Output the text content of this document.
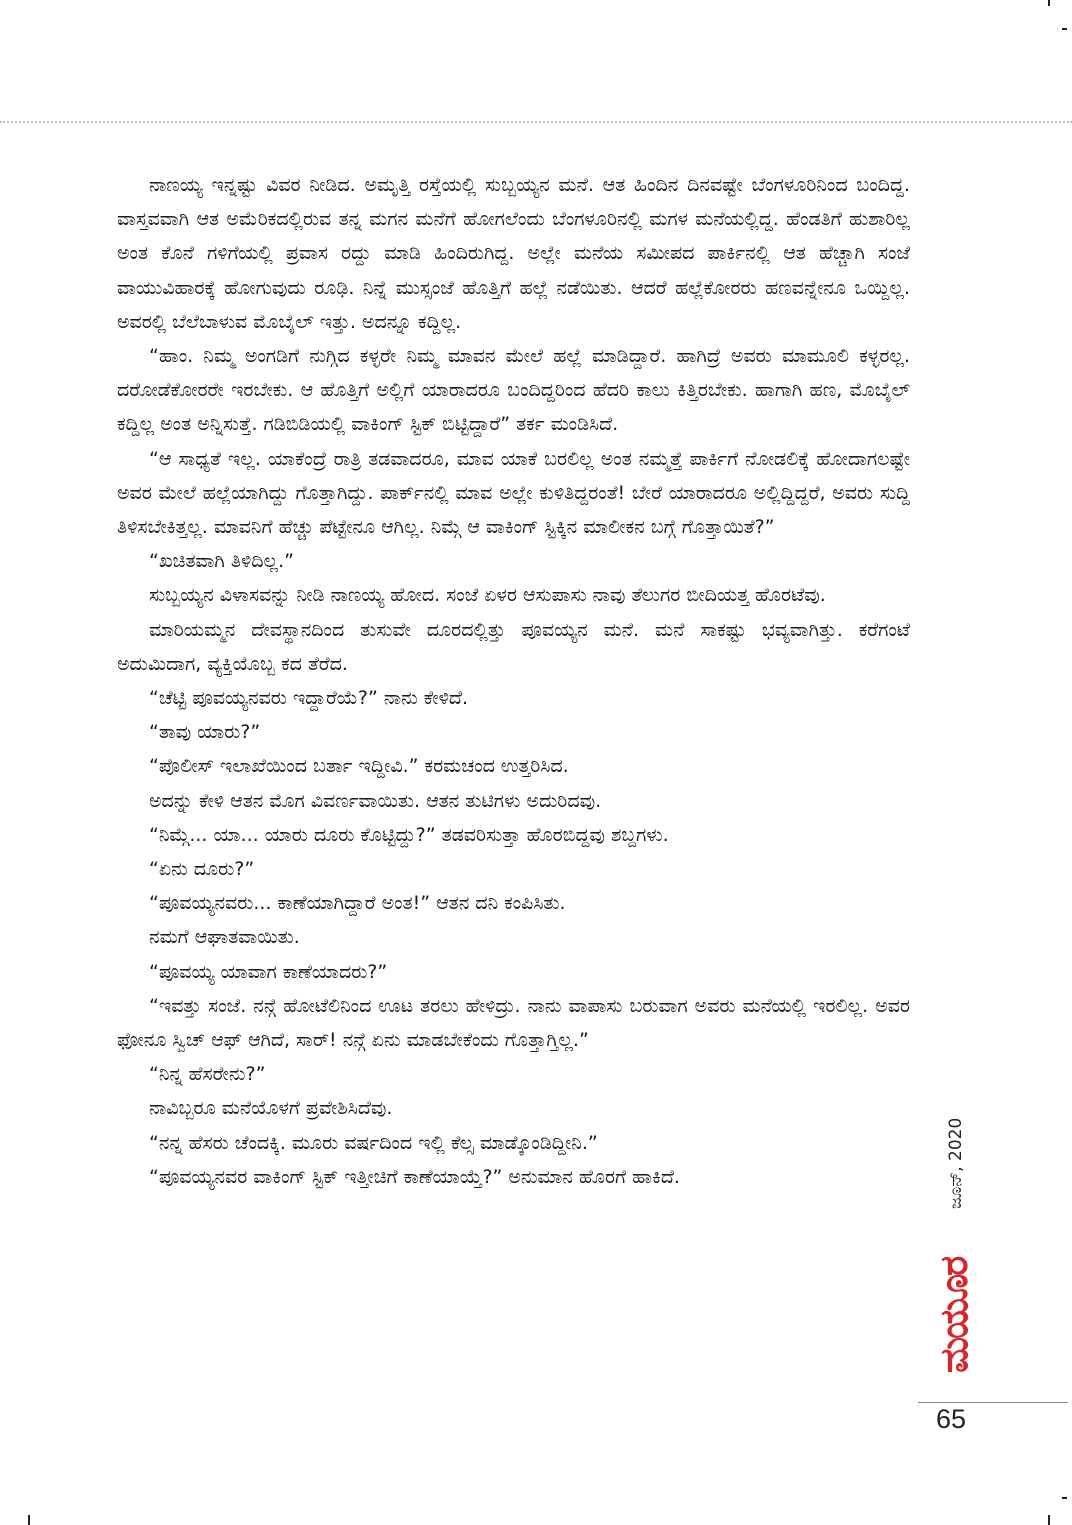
ನಾಣಯ್ಯ ಇನ್ನಷ್ಟು ವಿವರ ನೀಡಿದ. ಅಮೃತ್ತಿ ರಸ್ತೆಯಲ್ಲಿ ಸುಬ್ಬಯ್ಯನ ಮನೆ. ಆತ ಹಿಂದಿನ ದಿನವಷ್ಟೇ ಬೆಂಗಳೂರಿನಿಂದ ಬಂದಿದ್ದ. ವಾಸ್ತವವಾಗಿ ಆತ ಅಮೆರಿಕದಲ್ಲಿರುವ ತನ್ನ ಮಗನ ಮನೆಗೆ ಹೋಗಲೆಂದು ಬೆಂಗಳೂರಿನಲ್ಲಿ ಮಗಳ ಮನೆಯಲ್ಲಿದ್ದ. ಹೆಂಡತಿಗೆ ಹುಶಾರಿಲ್ಲ ಅಂತ ಕೊನೆ ಗಳಿಗೆಯಲ್ಲಿ ಪ್ರವಾಸ ರದ್ದು ಮಾಡಿ ಹಿಂದಿರುಗಿದ್ದ. ಅಲ್ಲೇ ಮನೆಯ ಸಮೀಪದ ಪಾರ್ಕಿನಲ್ಲಿ ಆತ ಹೆಚ್ಚಾಗಿ ಸಂಜೆ ವಾಯುವಿಹಾರಕ್ಕೆ ಹೋಗುವುದು ರೂಢಿ. ನಿನ್ನೆ ಮುಸ್ಸಂಜೆ ಹೊತ್ತಿಗೆ ಹಲ್ಲೆ ನಡೆಯಿತು. ಆದರೆ ಹಲ್ಲೆಕೋರರು ಹಣವನ್ನೇನೂ ಒಯ್ದಿಲ್ಲ. ಅವರಲ್ಲಿ ಬೆಲೆಬಾಳುವ ಮೊಬೈಲ್ ಇತ್ತು. ಅದನ್ನೂ ಕದ್ದಿಲ್ಲ.

“ಹಾಂ. ನಿಮ್ಮ ಅಂಗಡಿಗೆ ನುಗ್ಗಿದ ಕಳ್ಳರೇ ನಿಮ್ಮ ಮಾವನ ಮೇಲೆ ಹಲ್ಲೆ ಮಾಡಿದ್ದಾರೆ. ಹಾಗಿದ್ರೆ ಅವರು ಮಾಮೂಲಿ ಕಳ್ಳರಲ್ಲ. ದರೋಡೆಕೋರರೇ ಇರಬೇಕು. ಆ ಹೊತ್ತಿಗೆ ಅಲ್ಲಿಗೆ ಯಾರಾದರೂ ಬಂದಿದ್ದರಿಂದ ಹೆದರಿ ಕಾಲು ಕಿತ್ತಿರಬೇಕು. ಹಾಗಾಗಿ ಹಣ, ಮೊಬೈಲ್ ಕದ್ದಿಲ್ಲ ಅಂತ ಅನ್ನಿಸುತ್ತೆ. ಗಡಿಬಿಡಿಯಲ್ಲಿ ವಾಕಿಂಗ್ ಸ್ಟಿಕ್ ಬಿಟ್ಟಿದ್ದಾರೆ” ತರ್ಕ ಮಂಡಿಸಿದೆ.

“ಆ ಸಾಧ್ಯತೆ ಇಲ್ಲ. ಯಾಕೆಂದ್ರೆ ರಾತ್ರಿ ತಡವಾದರೂ, ಮಾವ ಯಾಕೆ ಬರಲಿಲ್ಲ ಅಂತ ನಮ್ಮತ್ತೆ ಪಾರ್ಕಿಗೆ ನೋಡಲಿಕ್ಕೆ ಹೋದಾಗಲಷ್ಟೇ ಅವರ ಮೇಲೆ ಹಲ್ಲೆಯಾಗಿದ್ದು ಗೊತ್ತಾಗಿದ್ದು. ಪಾರ್ಕ್‌ನಲ್ಲಿ ಮಾವ ಅಲ್ಲೇ ಕುಳಿತಿದ್ದರಂತೆ! ಬೇರೆ ಯಾರಾದರೂ ಅಲ್ಲಿದ್ದಿದ್ದರೆ, ಅವರು ಸುದ್ದಿ ತಿಳಿಸಬೇಕಿತ್ತಲ್ಲ. ಮಾವನಿಗೆ ಹೆಚ್ಚು ಪೆಟ್ಟೇನೂ ಆಗಿಲ್ಲ. ನಿಮ್ಗೆ ಆ ವಾಕಿಂಗ್ ಸ್ಟಿಕ್ಕಿನ ಮಾಲೀಕನ ಬಗ್ಗೆ ಗೊತ್ತಾಯಿತೆ?”

“ಖಚಿತವಾಗಿ ತಿಳಿದಿಲ್ಲ.”

ಸುಬ್ಬಯ್ಯನ ವಿಳಾಸವನ್ನು ನೀಡಿ ನಾಣಯ್ಯ ಹೋದ. ಸಂಜೆ ಏಳರ ಆಸುಪಾಸು ನಾವು ತೆಲುಗರ ಬೀದಿಯತ್ತ ಹೊರಟೆವು.

ಮಾರಿಯಮ್ಮನ ದೇವಸ್ಥಾನದಿಂದ ತುಸುವೇ ದೂರದಲ್ಲಿತ್ತು ಪೂವಯ್ಯನ ಮನೆ. ಮನೆ ಸಾಕಷ್ಟು ಭವ್ಯವಾಗಿತ್ತು. ಕರೆಗಂಟೆ ಅದುಮಿದಾಗ, ವ್ಯಕ್ತಿಯೊಬ್ಬ ಕದ ತೆರೆದ.

“ಚೆಟ್ಟಿ ಪೂವಯ್ಯನವರು ಇದ್ದಾರೆಯೆ?” ನಾನು ಕೇಳಿದೆ.

“ತಾವು ಯಾರು?”

“ಪೊಲೀಸ್ ಇಲಾಖೆಯಿಂದ ಬರ್ತಾ ಇದ್ದೀವಿ.” ಕರಮಚಂದ ಉತ್ತರಿಸಿದ.

ಅದನ್ನು ಕೇಳಿ ಆತನ ಮೊಗ ವಿವರ್ಣವಾಯಿತು. ಆತನ ತುಟಿಗಳು ಅದುರಿದವು.

“ನಿಮ್ಗೆ... ಯಾ... ಯಾರು ದೂರು ಕೊಟ್ಟಿದ್ದು?” ತಡವರಿಸುತ್ತಾ ಹೊರಬಿದ್ದವು ಶಬ್ದಗಳು.

“ಏನು ದೂರು?”

“ಪೂವಯ್ಯನವರು... ಕಾಣೆಯಾಗಿದ್ದಾರೆ ಅಂತ!” ಆತನ ದನಿ ಕಂಪಿಸಿತು.

ನಮಗೆ ಆಘಾತವಾಯಿತು.

“ಪೂವಯ್ಯ ಯಾವಾಗ ಕಾಣೆಯಾದರು?”

“ಇವತ್ತು ಸಂಜೆ. ನನ್ಗೆ ಹೋಟೆಲಿನಿಂದ ಊಟ ತರಲು ಹೇಳಿದ್ರು. ನಾನು ವಾಪಾಸು ಬರುವಾಗ ಅವರು ಮನೆಯಲ್ಲಿ ಇರಲಿಲ್ಲ. ಅವರ ಫೋನೂ ಸ್ವಿಚ್ ಆಫ್ ಆಗಿದೆ, ಸಾರ್! ನನ್ಗೆ ಏನು ಮಾಡಬೇಕೆಂದು ಗೊತ್ತಾಗ್ತಿಲ್ಲ.”

“ನಿನ್ನ ಹೆಸರೇನು?”

ನಾವಿಬ್ಬರೂ ಮನೆಯೊಳಗೆ ಪ್ರವೇಶಿಸಿದೆವು.

“ನನ್ನ ಹೆಸರು ಚೆಂದಕ್ಕಿ. ಮೂರು ವರ್ಷದಿಂದ ಇಲ್ಲಿ ಕೆಲ್ಸ ಮಾಡ್ಕೊಂಡಿದ್ದೀನಿ.”

“ಪೂವಯ್ಯನವರ ವಾಕಿಂಗ್ ಸ್ಟಿಕ್ ಇತ್ತೀಚಿಗೆ ಕಾಣೆಯಾಯ್ತೆ?” ಅನುಮಾನ ಹೊರಗೆ ಹಾಕಿದೆ.	ಜೂನ್, 2020
ಮಯೂರ
65
